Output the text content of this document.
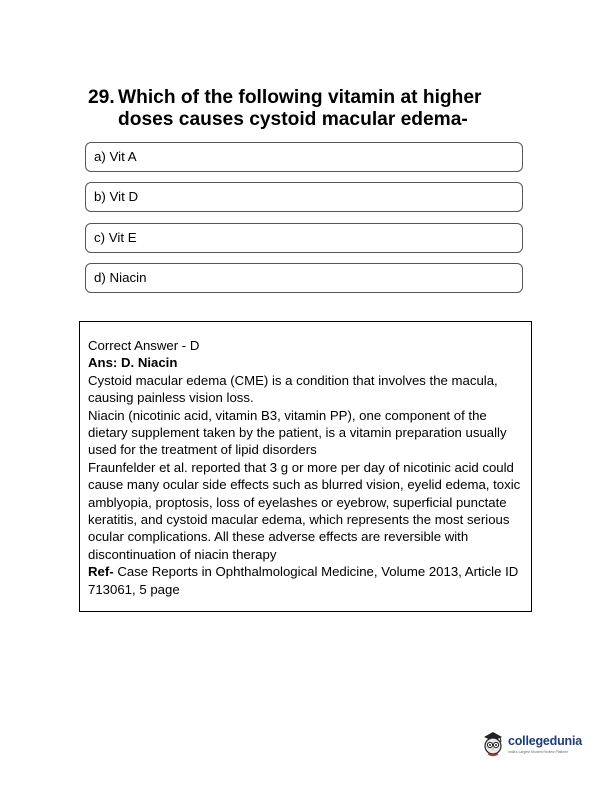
29. Which of the following vitamin at higher
doses causes cystoid macular edema-
a) Vit A
b) Vit D
c) Vit E
d) Niacin

Correct Answer - D

Ans: D. Niacin

Cystoid macular edema (CME) is a condition that involves the macula, causing painless vision loss.

Niacin (nicotinic acid, vitamin B3, vitamin PP), one component of the dietary supplement taken by the patient, is a vitamin preparation usually used for the treatment of lipid disorders

Fraunfelder et al. reported that 3 g or more per day of nicotinic acid could cause many ocular side effects such as blurred vision, eyelid edema, toxic amblyopia, proptosis, loss of eyelashes or eyebrow, superficial punctate keratitis, and cystoid macular edema, which represents the most serious ocular complications. All these adverse effects are reversible with discontinuation of niacin therapy

Ref- Case Reports in Ophthalmological Medicine, Volume 2013, Article ID 713061, 5 page

collegedunia
India's Largest Student Review Platform
